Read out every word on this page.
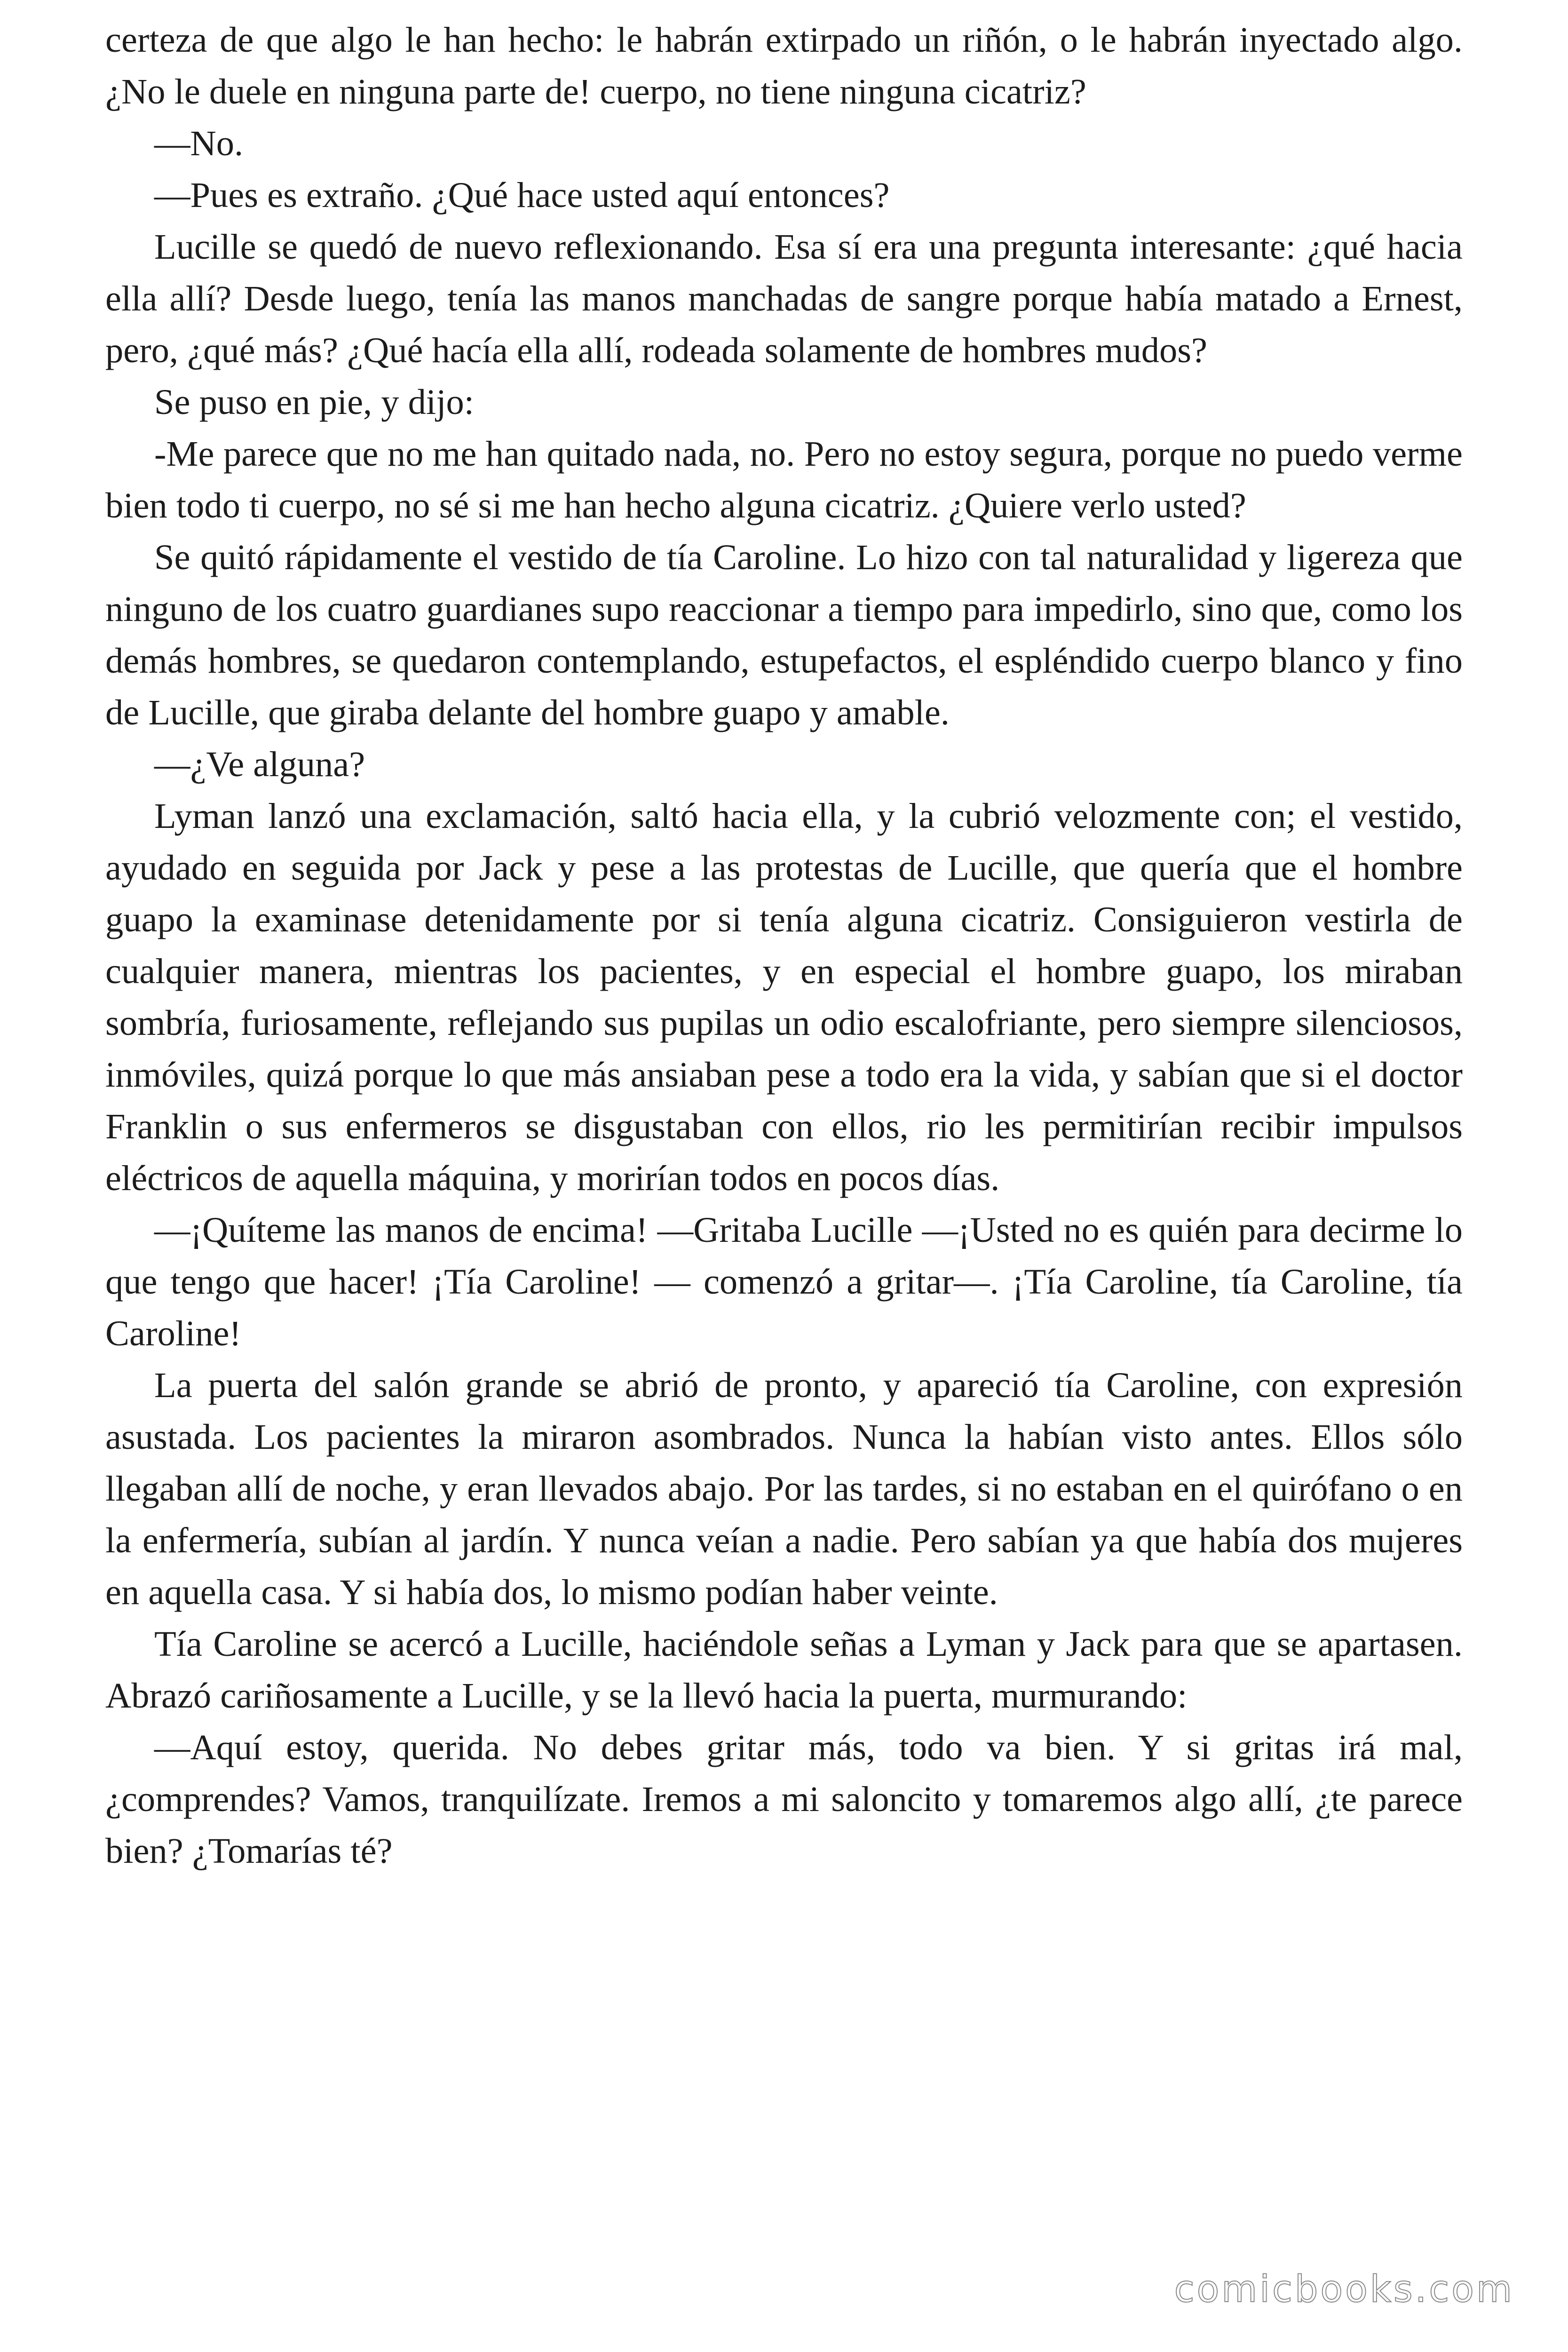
certeza de que algo le han hecho: le habrán extirpado un riñón, o le habrán inyectado algo. ¿No le duele en ninguna parte de! cuerpo, no tiene ninguna cicatriz?

—No.

—Pues es extraño. ¿Qué hace usted aquí entonces?

Lucille se quedó de nuevo reflexionando. Esa sí era una pregunta interesante: ¿qué hacia ella allí? Desde luego, tenía las manos manchadas de sangre porque había matado a Ernest, pero, ¿qué más? ¿Qué hacía ella allí, rodeada solamente de hombres mudos?

Se puso en pie, y dijo:

-Me parece que no me han quitado nada, no. Pero no estoy segura, porque no puedo verme bien todo ti cuerpo, no sé si me han hecho alguna cicatriz. ¿Quiere verlo usted?

Se quitó rápidamente el vestido de tía Caroline. Lo hizo con tal naturalidad y ligereza que ninguno de los cuatro guardianes supo reaccionar a tiempo para impedirlo, sino que, como los demás hombres, se quedaron contemplando, estupefactos, el espléndido cuerpo blanco y fino de Lucille, que giraba delante del hombre guapo y amable.

—¿Ve alguna?

Lyman lanzó una exclamación, saltó hacia ella, y la cubrió velozmente con; el vestido, ayudado en seguida por Jack y pese a las protestas de Lucille, que quería que el hombre guapo la examinase detenidamente por si tenía alguna cicatriz. Consiguieron vestirla de cualquier manera, mientras los pacientes, y en especial el hombre guapo, los miraban sombría, furiosamente, reflejando sus pupilas un odio escalofriante, pero siempre silenciosos, inmóviles, quizá porque lo que más ansiaban pese a todo era la vida, y sabían que si el doctor Franklin o sus enfermeros se disgustaban con ellos, rio les permitirían recibir impulsos eléctricos de aquella máquina, y morirían todos en pocos días.

—¡Quíteme las manos de encima! —Gritaba Lucille —¡Usted no es quién para decirme lo que tengo que hacer! ¡Tía Caroline! — comenzó a gritar—. ¡Tía Caroline, tía Caroline, tía Caroline!

La puerta del salón grande se abrió de pronto, y apareció tía Caroline, con expresión asustada. Los pacientes la miraron asombrados. Nunca la habían visto antes. Ellos sólo llegaban allí de noche, y eran llevados abajo. Por las tardes, si no estaban en el quirófano o en la enfermería, subían al jardín. Y nunca veían a nadie. Pero sabían ya que había dos mujeres en aquella casa. Y si había dos, lo mismo podían haber veinte.

Tía Caroline se acercó a Lucille, haciéndole señas a Lyman y Jack para que se apartasen. Abrazó cariñosamente a Lucille, y se la llevó hacia la puerta, murmurando:

—Aquí estoy, querida. No debes gritar más, todo va bien. Y si gritas irá mal, ¿comprendes? Vamos, tranquilízate. Iremos a mi saloncito y tomaremos algo allí, ¿te parece bien? ¿Tomarías té?

comicbooks.com
